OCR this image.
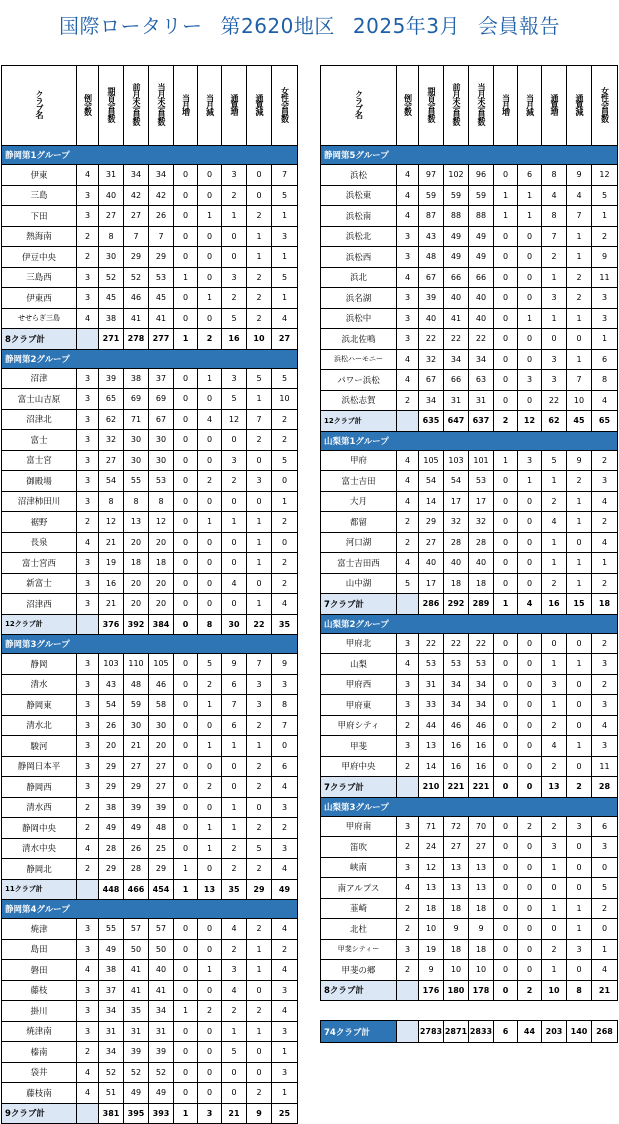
国際ロータリー 第2620地区 2025年3月 会員報告
クラブ名	例会数	期首会員数	前月末会員数	当月末会員数	当月増	当月減	通算増	通算減	女性会員数
静岡第1グループ									
伊東	4	31	34	34	0	0	3	0	7
三島	3	40	42	42	0	0	2	0	5
下田	3	27	27	26	0	1	1	2	1
熱海南	2	8	7	7	0	0	0	1	3
伊豆中央	2	30	29	29	0	0	0	1	1
三島西	3	52	52	53	1	0	3	2	5
伊東西	3	45	46	45	0	1	2	2	1
せせらぎ三島	4	38	41	41	0	0	5	2	4
8クラブ計		271	278	277	1	2	16	10	27
静岡第2グループ									
沼津	3	39	38	37	0	1	3	5	5
富士山吉原	3	65	69	69	0	0	5	1	10
沼津北	3	62	71	67	0	4	12	7	2
富士	3	32	30	30	0	0	0	2	2
富士宮	3	27	30	30	0	0	3	0	5
御殿場	3	54	55	53	0	2	2	3	0
沼津柿田川	3	8	8	8	0	0	0	0	1
裾野	2	12	13	12	0	1	1	1	2
長泉	4	21	20	20	0	0	0	1	0
富士宮西	3	19	18	18	0	0	0	1	2
新富士	3	16	20	20	0	0	4	0	2
沼津西	3	21	20	20	0	0	0	1	4
12クラブ計		376	392	384	0	8	30	22	35
静岡第3グループ									
静岡	3	103	110	105	0	5	9	7	9
清水	3	43	48	46	0	2	6	3	3
静岡東	3	54	59	58	0	1	7	3	8
清水北	3	26	30	30	0	0	6	2	7
駿河	3	20	21	20	0	1	1	1	0
静岡日本平	3	29	27	27	0	0	0	2	6
静岡西	3	29	29	27	0	2	0	2	4
清水西	2	38	39	39	0	0	1	0	3
静岡中央	2	49	49	48	0	1	1	2	2
清水中央	4	28	26	25	0	1	2	5	3
静岡北	2	29	28	29	1	0	2	2	4
11クラブ計		448	466	454	1	13	35	29	49
静岡第4グループ									
焼津	3	55	57	57	0	0	4	2	4
島田	3	49	50	50	0	0	2	1	2
磐田	4	38	41	40	0	1	3	1	4
藤枝	3	37	41	41	0	0	4	0	3
掛川	3	34	35	34	1	2	2	2	4
焼津南	3	31	31	31	0	0	1	1	3
榛南	2	34	39	39	0	0	5	0	1
袋井	4	52	52	52	0	0	0	0	3
藤枝南	4	51	49	49	0	0	0	2	1
9クラブ計		381	395	393	1	3	21	9	25
クラブ名	例会数	期首会員数	前月末会員数	当月末会員数	当月増	当月減	通算増	通算減	女性会員数
静岡第5グループ									
浜松	4	97	102	96	0	6	8	9	12
浜松東	4	59	59	59	1	1	4	4	5
浜松南	4	87	88	88	1	1	8	7	1
浜松北	3	43	49	49	0	0	7	1	2
浜松西	3	48	49	49	0	0	2	1	9
浜北	4	67	66	66	0	0	1	2	11
浜名湖	3	39	40	40	0	0	3	2	3
浜松中	3	40	41	40	0	1	1	1	3
浜北佐鳴	3	22	22	22	0	0	0	0	1
浜松ハーモニー	4	32	34	34	0	0	3	1	6
パワー浜松	4	67	66	63	0	3	3	7	8
浜松志賀	2	34	31	31	0	0	22	10	4
12クラブ計		635	647	637	2	12	62	45	65
山梨第1グループ									
甲府	4	105	103	101	1	3	5	9	2
富士吉田	4	54	54	53	0	1	1	2	3
大月	4	14	17	17	0	0	2	1	4
都留	2	29	32	32	0	0	4	1	2
河口湖	2	27	28	28	0	0	1	0	4
富士吉田西	4	40	40	40	0	0	1	1	1
山中湖	5	17	18	18	0	0	2	1	2
7クラブ計		286	292	289	1	4	16	15	18
山梨第2グループ									
甲府北	3	22	22	22	0	0	0	0	2
山梨	4	53	53	53	0	0	1	1	3
甲府西	3	31	34	34	0	0	3	0	2
甲府東	3	33	34	34	0	0	1	0	3
甲府シティ	2	44	46	46	0	0	2	0	4
甲斐	3	13	16	16	0	0	4	1	3
甲府中央	2	14	16	16	0	0	2	0	11
7クラブ計		210	221	221	0	0	13	2	28
山梨第3グループ									
甲府南	3	71	72	70	0	2	2	3	6
笛吹	2	24	27	27	0	0	3	0	3
峡南	3	12	13	13	0	0	1	0	0
南アルプス	4	13	13	13	0	0	0	0	5
韮崎	2	18	18	18	0	0	1	1	2
北杜	2	10	9	9	0	0	0	1	0
甲斐シティー	3	19	18	18	0	0	2	3	1
甲斐の郷	2	9	10	10	0	0	1	0	4
8クラブ計		176	180	178	0	2	10	8	21
74クラブ計		2783	2871	2833	6	44	203	140	268
